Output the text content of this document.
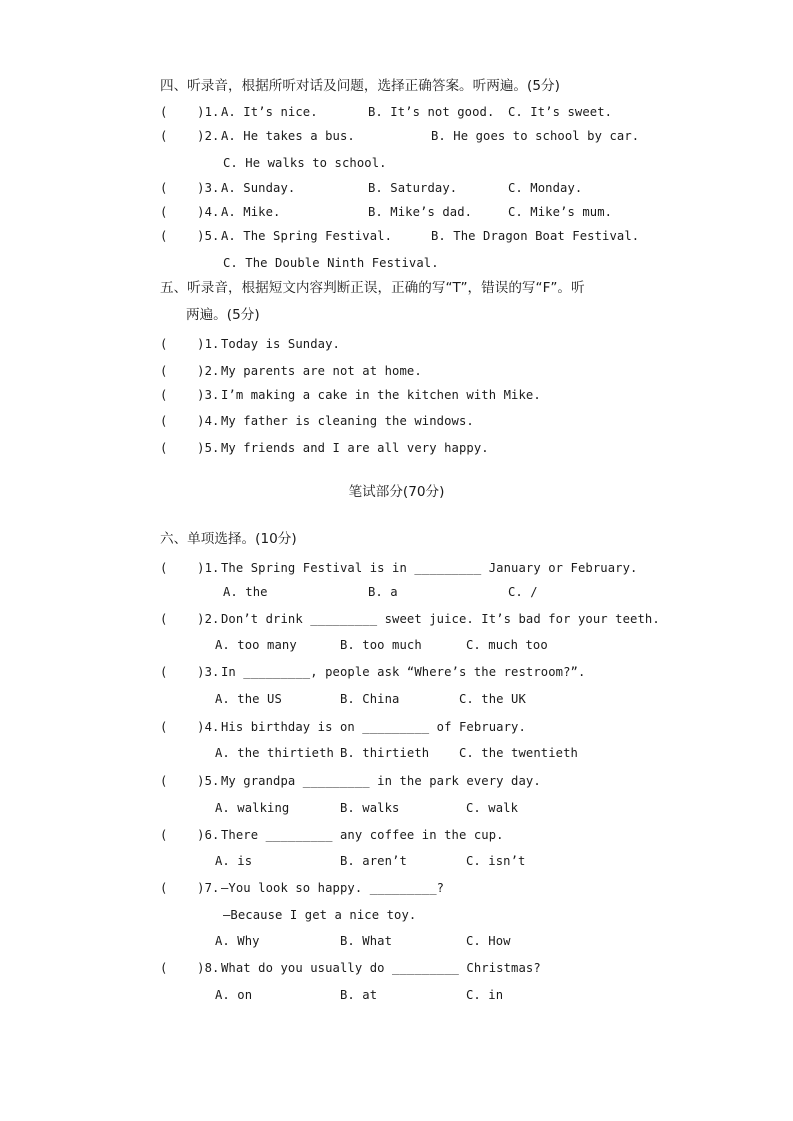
四、听录音，根据所听对话及问题，选择正确答案。听两遍。(5分)
(    )1. A. It’s nice.	B. It’s not good. C. It’s sweet.
(    )2. A. He takes a bus.	B. He goes to school by car.
C. He walks to school.
(    )3. A. Sunday.	B. Saturday.	C. Monday.
(    )4. A. Mike.	B. Mike’s dad.	C. Mike’s mum.
(    )5. A. The Spring Festival.	B. The Dragon Boat Festival.
C. The Double Ninth Festival.
五、听录音，根据短文内容判断正误，正确的写“T”，错误的写“F”。听
两遍。(5分)
(    )1. Today is Sunday.
(    )2. My parents are not at home.
(    )3. I’m making a cake in the kitchen with Mike.
(    )4. My father is cleaning the windows.
(    )5. My friends and I are all very happy.
笔试部分(70分)
六、单项选择。(10分)
(    )1. The Spring Festival is in _________ January or February.
A. the	B. a	C. /
(    )2. Don’t drink _________ sweet juice. It’s bad for your teeth.
A. too many	B. too much	C. much too
(    )3. In _________, people ask “Where’s the restroom?”.
A. the US	B. China	C. the UK
(    )4. His birthday is on _________ of February.
A. the thirtieth B. thirtieth C. the twentieth
(    )5. My grandpa _________ in the park every day.
A. walking	B. walks	C. walk
(    )6. There _________ any coffee in the cup.
A. is	B. aren’t	C. isn’t
(    )7. —You look so happy. _________?
—Because I get a nice toy.
A. Why	B. What	C. How
(    )8. What do you usually do _________ Christmas?
A. on	B. at	C. in
